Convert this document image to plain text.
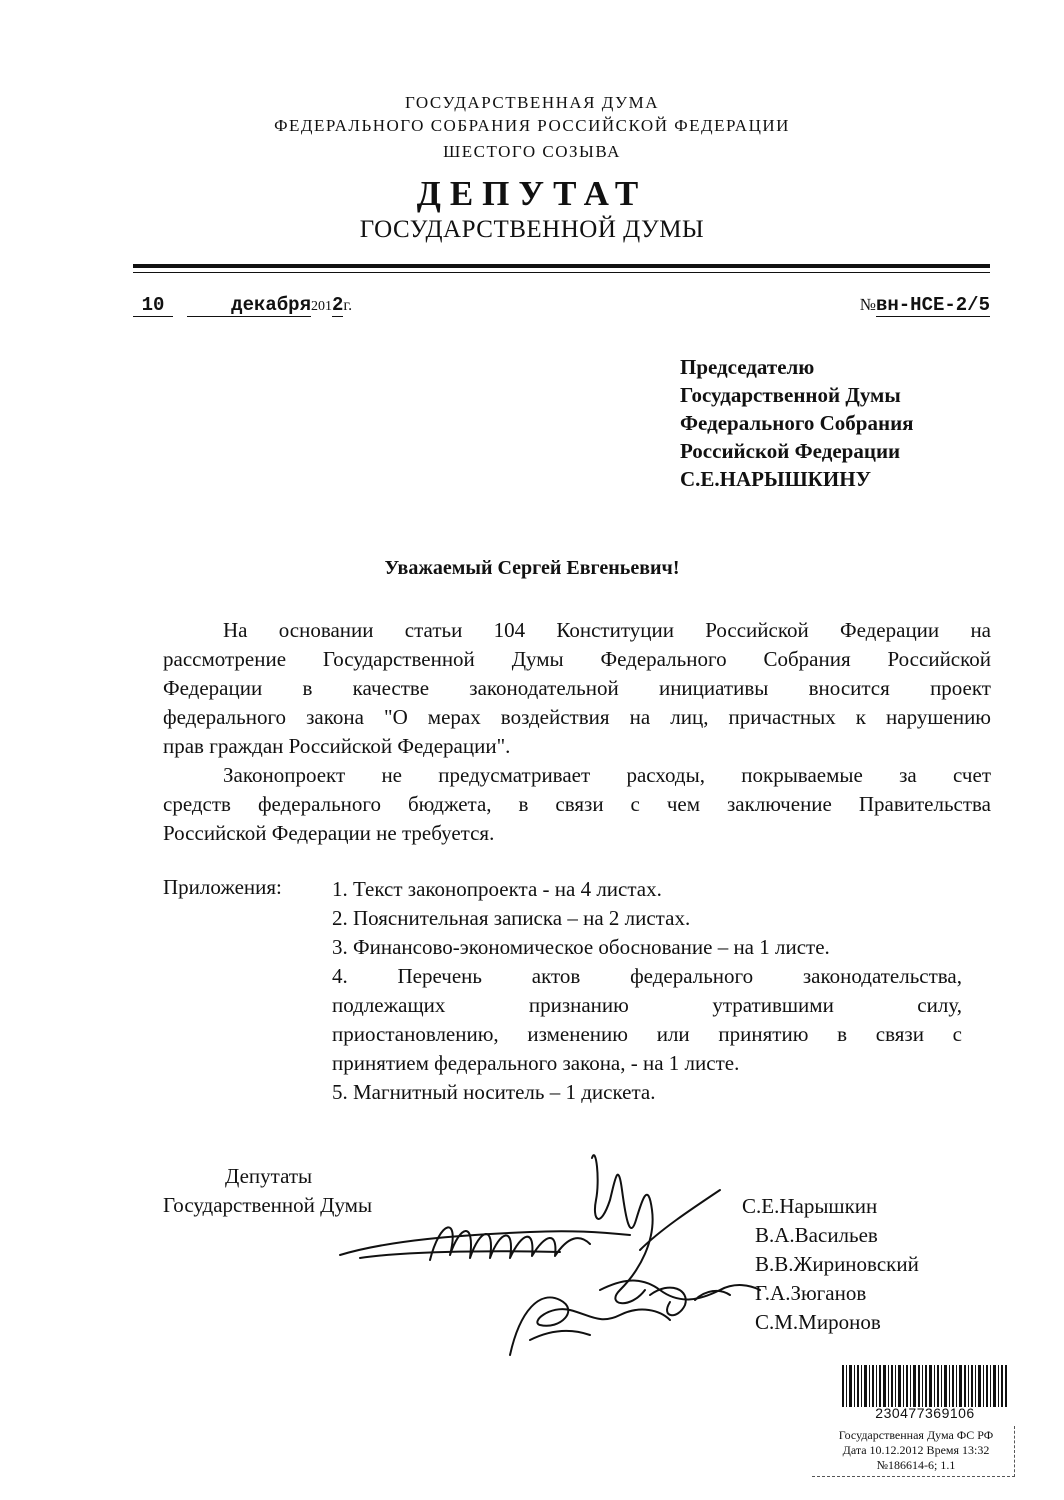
ГОСУДАРСТВЕННАЯ ДУМА
ФЕДЕРАЛЬНОГО СОБРАНИЯ РОССИЙСКОЙ ФЕДЕРАЦИИ
ШЕСТОГО СОЗЫВА
ДЕПУТАТ
ГОСУДАРСТВЕННОЙ ДУМЫ
10	декабря2012г.	№вн-НСЕ-2/5
Председателю
Государственной Думы
Федерального Собрания
Российской Федерации
С.Е.НАРЫШКИНУ
Уважаемый Сергей Евгеньевич!

На основании статьи 104 Конституции Российской Федерации на

рассмотрение Государственной Думы Федерального Собрания Российской

Федерации в качестве законодательной инициативы вносится проект

федерального закона "О мерах воздействия на лиц, причастных к нарушению

прав граждан Российской Федерации".

Законопроект не предусматривает расходы, покрываемые за счет

средств федерального бюджета, в связи с чем заключение Правительства

Российской Федерации не требуется.

Приложения: 1. Текст законопроекта - на 4 листах.
2. Пояснительная записка – на 2 листах.
3. Финансово-экономическое обоснование – на 1 листе.
4. Перечень актов федерального законодательства,
подлежащих признанию утратившими силу,
приостановлению, изменению или принятию в связи с
принятием федерального закона, - на 1 листе.
5. Магнитный носитель – 1 дискета.
Депутаты
Государственной Думы	С.Е.Нарышкин
В.А.Васильев
В.В.Жириновский
Г.А.Зюганов
С.М.Миронов
230477369106
Государственная Дума ФС РФ
Дата 10.12.2012 Время 13:32
№186614-6; 1.1
